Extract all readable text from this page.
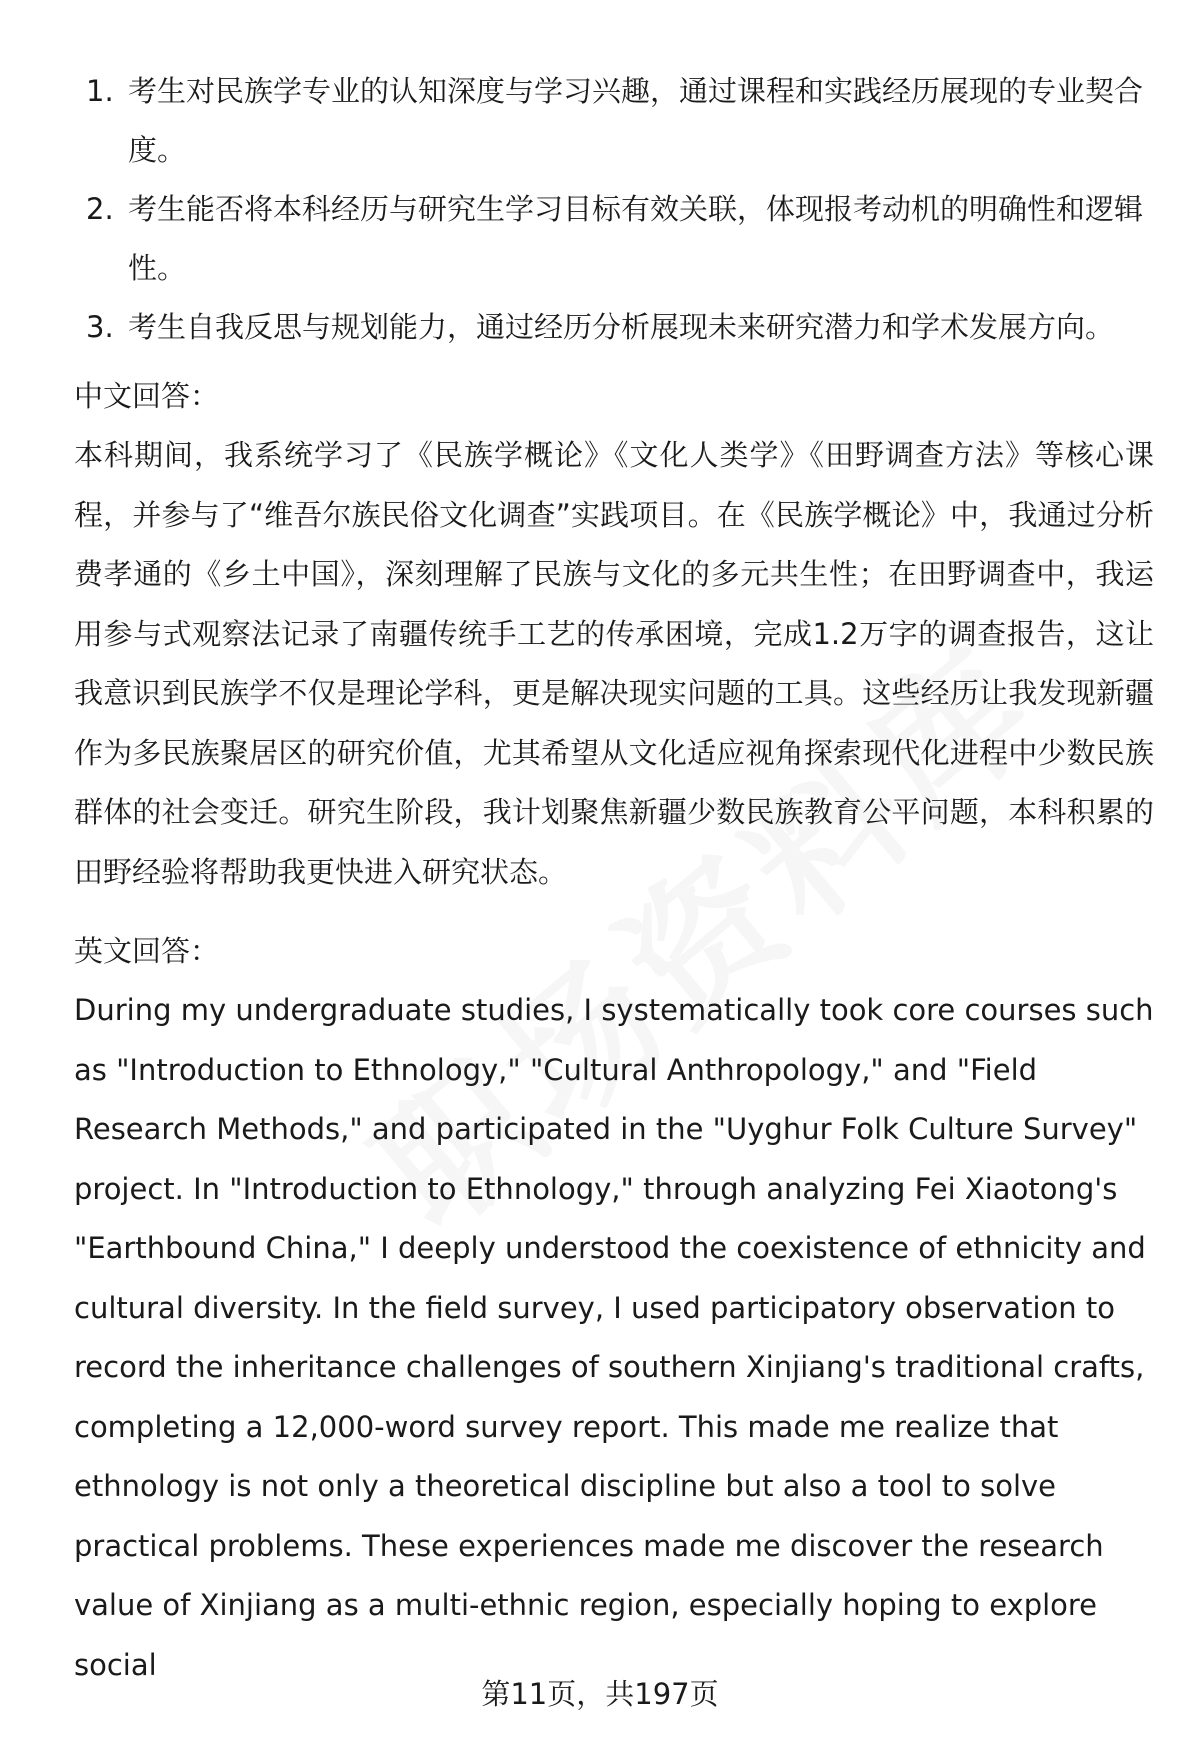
1. 考生对民族学专业的认知深度与学习兴趣，通过课程和实践经历展现的专业契合度。
2. 考生能否将本科经历与研究生学习目标有效关联，体现报考动机的明确性和逻辑性。
3. 考生自我反思与规划能力，通过经历分析展现未来研究潜力和学术发展方向。
中文回答：

本科期间，我系统学习了《民族学概论》《文化人类学》《田野调查方法》等核心课程，并参与了“维吾尔族民俗文化调查”实践项目。在《民族学概论》中，我通过分析费孝通的《乡土中国》，深刻理解了民族与文化的多元共生性；在田野调查中，我运用参与式观察法记录了南疆传统手工艺的传承困境，完成1.2万字的调查报告，这让我意识到民族学不仅是理论学科，更是解决现实问题的工具。这些经历让我发现新疆作为多民族聚居区的研究价值，尤其希望从文化适应视角探索现代化进程中少数民族群体的社会变迁。研究生阶段，我计划聚焦新疆少数民族教育公平问题，本科积累的田野经验将帮助我更快进入研究状态。

英文回答：

During my undergraduate studies, I systematically took core courses such as "Introduction to Ethnology," "Cultural Anthropology," and "Field Research Methods," and participated in the "Uyghur Folk Culture Survey" project. In "Introduction to Ethnology," through analyzing Fei Xiaotong's "Earthbound China," I deeply understood the coexistence of ethnicity and cultural diversity. In the field survey, I used participatory observation to record the inheritance challenges of southern Xinjiang's traditional crafts, completing a 12,000-word survey report. This made me realize that ethnology is not only a theoretical discipline but also a tool to solve practical problems. These experiences made me discover the research value of Xinjiang as a multi-ethnic region, especially hoping to explore social

第11页，共197页
